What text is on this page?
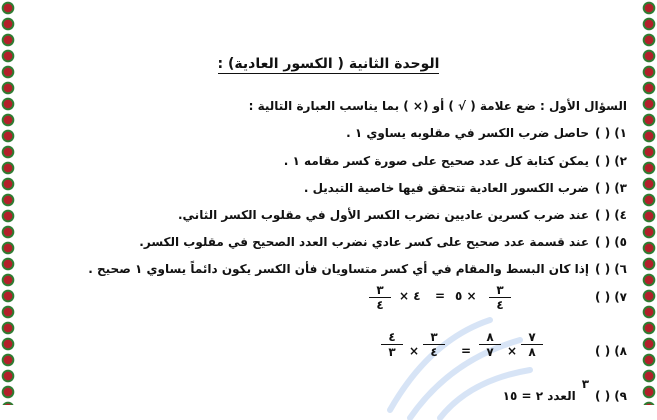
الوحدة الثانية ( الكسور العادية) :
السؤال الأول : ضع علامة ( √ ) أو (× ) بما يناسب العبارة التالية :
١)( )حاصل ضرب الكسر في مقلوبه يساوي ١ .
٢)( )يمكن كتابة كل عدد صحيح على صورة كسر مقامه ١ .
٣)( )ضرب الكسور العادية تتحقق فيها خاصية التبديل .
٤)( )عند ضرب كسرين عاديين نضرب الكسر الأول في مقلوب الكسر الثاني.
٥)( )عند قسمة عدد صحيح على كسر عادي نضرب العدد الصحيح في مقلوب الكسر.
٦)( )إذا كان البسط والمقام في أي كسر متساويان فأن الكسر يكون دائماً يساوي ١ صحيح .
٧)( )
٣
٤
× ٤ = ٥ ×	٣
٤
٨)( )
٤
٣	×
٣
٤	=
٨
٧	×
٧
٨
٩)( )٣العدد ٢ = ١٥
